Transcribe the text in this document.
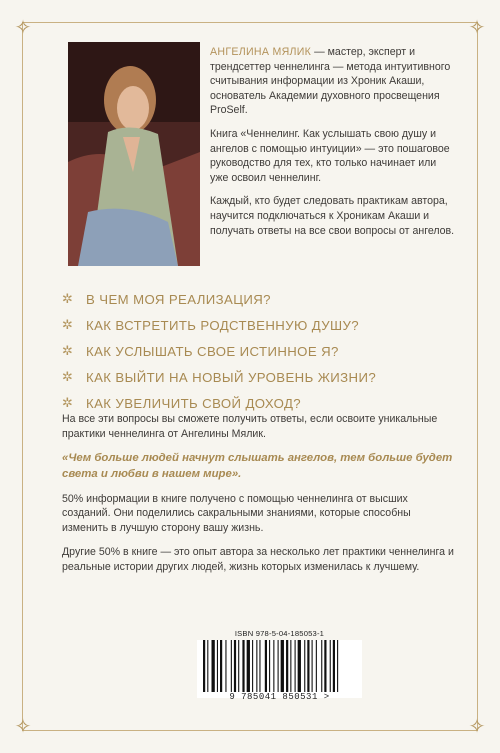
✧	✧
✧	✧

АНГЕЛИНА МЯЛИК — мастер, эксперт и трендсеттер ченнелинга — метода интуитивного считывания информации из Хроник Акаши, основатель Академии духовного просвещения ProSelf.

Книга «Ченнелинг. Как услышать свою душу и ангелов с помощью интуиции» — это пошаговое руководство для тех, кто только начинает или уже освоил ченнелинг.

Каждый, кто будет следовать практикам автора, научится подключаться к Хроникам Акаши и получать ответы на все свои вопросы от ангелов.

✲ В ЧЕМ МОЯ РЕАЛИЗАЦИЯ?
✲ КАК ВСТРЕТИТЬ РОДСТВЕННУЮ ДУШУ?
✲ КАК УСЛЫШАТЬ СВОЕ ИСТИННОЕ Я?
✲ КАК ВЫЙТИ НА НОВЫЙ УРОВЕНЬ ЖИЗНИ?
✲ КАК УВЕЛИЧИТЬ СВОЙ ДОХОД?

На все эти вопросы вы сможете получить ответы, если освоите уникальные практики ченнелинга от Ангелины Мялик.

«Чем больше людей начнут слышать ангелов, тем больше будет света и любви в нашем мире».

50% информации в книге получено с помощью ченнелинга от высших созданий. Они поделились сакральными знаниями, которые способны изменить в лучшую сторону вашу жизнь.

Другие 50% в книге — это опыт автора за несколько лет практики ченнелинга и реальные истории других людей, жизнь которых изменилась к лучшему.

ISBN 978-5-04-185053-1
9 785041 850531 >
